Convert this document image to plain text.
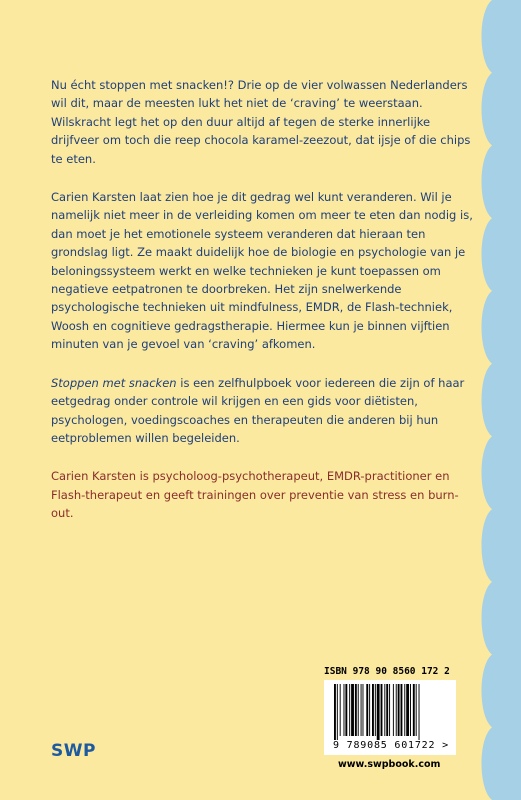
Nu écht stoppen met snacken!? Drie op de vier volwassen Nederlanders wil dit, maar de meesten lukt het niet de ‘craving’ te weerstaan. Wilskracht legt het op den duur altijd af tegen de sterke innerlijke drijfveer om toch die reep chocola karamel-zeezout, dat ijsje of die chips te eten.

Carien Karsten laat zien hoe je dit gedrag wel kunt veranderen. Wil je namelijk niet meer in de verleiding komen om meer te eten dan nodig is, dan moet je het emotionele systeem veranderen dat hieraan ten grondslag ligt. Ze maakt duidelijk hoe de biologie en psychologie van je beloningssysteem werkt en welke technieken je kunt toepassen om negatieve eetpatronen te doorbreken. Het zijn snelwerkende psychologische technieken uit mindfulness, EMDR, de Flash-techniek, Woosh en cognitieve gedragstherapie. Hiermee kun je binnen vijftien minuten van je gevoel van ‘craving’ afkomen.

Stoppen met snacken is een zelfhulpboek voor iedereen die zijn of haar eetgedrag onder controle wil krijgen en een gids voor diëtisten, psychologen, voedingscoaches en therapeuten die anderen bij hun eetproblemen willen begeleiden.

Carien Karsten is psycholoog-psychotherapeut, EMDR-practitioner en Flash-therapeut en geeft trainingen over preventie van stress en burn-out.

ISBN 978 90 8560 172 2
9 789085 601722 >
SWP
www.swpbook.com
